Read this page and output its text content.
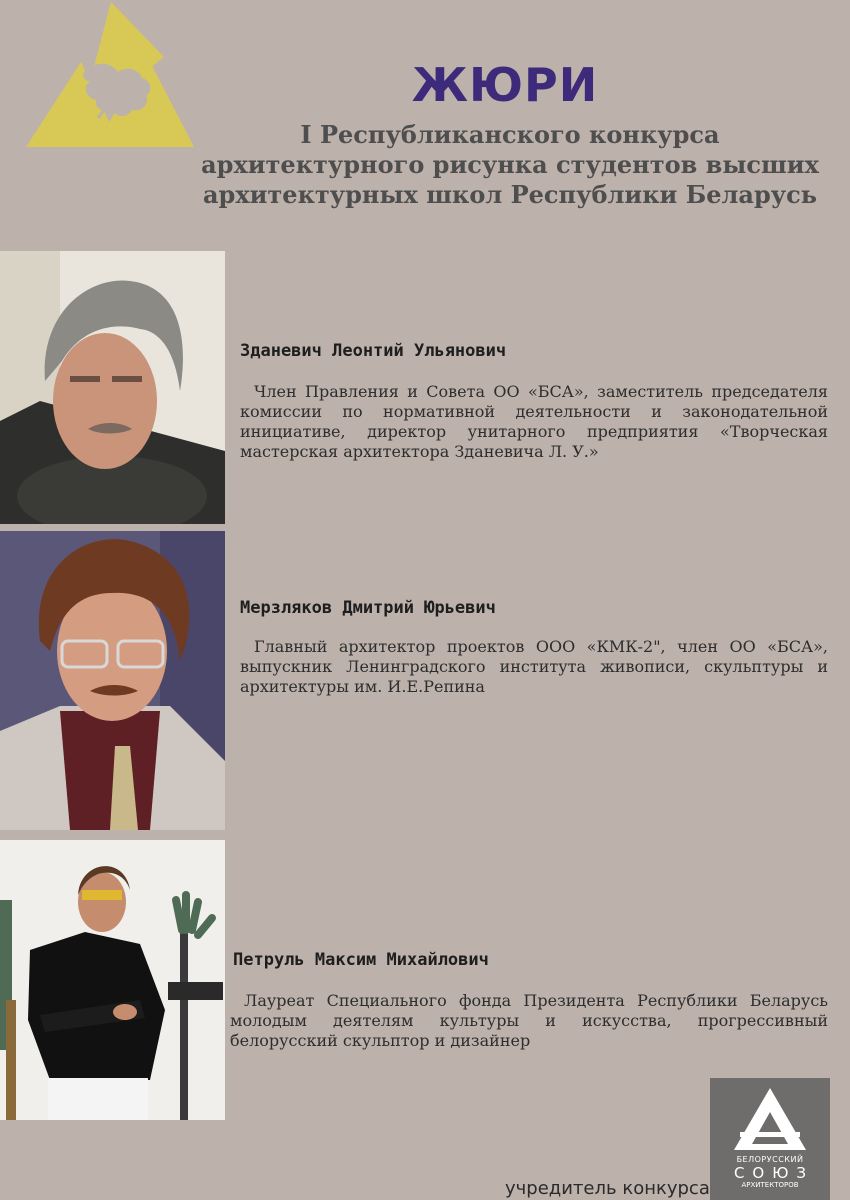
ЖЮРИ
I Республиканского конкурса
архитектурного рисунка студентов высших
архитектурных школ Республики Беларусь
Зданевич Леонтий Ульянович
Член Правления и Совета ОО «БСА», заместитель председателя комиссии по нормативной деятельности и законодательной инициативе, директор унитарного предприятия «Творческая мастерская архитектора Зданевича Л. У.»
Мерзляков Дмитрий Юрьевич
Главный архитектор проектов ООО «КМК-2", член ОО «БСА», выпускник Ленинградского института живописи, скульптуры и архитектуры им. И.Е.Репина
Петруль Максим Михайлович
Лауреат Специального фонда Президента Республики Беларусь молодым деятелям культуры и искусства, прогрессивный белорусский скульптор и дизайнер
учредитель конкурса
БЕЛОРУССКИЙ
СОЮЗ
АРХИТЕКТОРОВ
